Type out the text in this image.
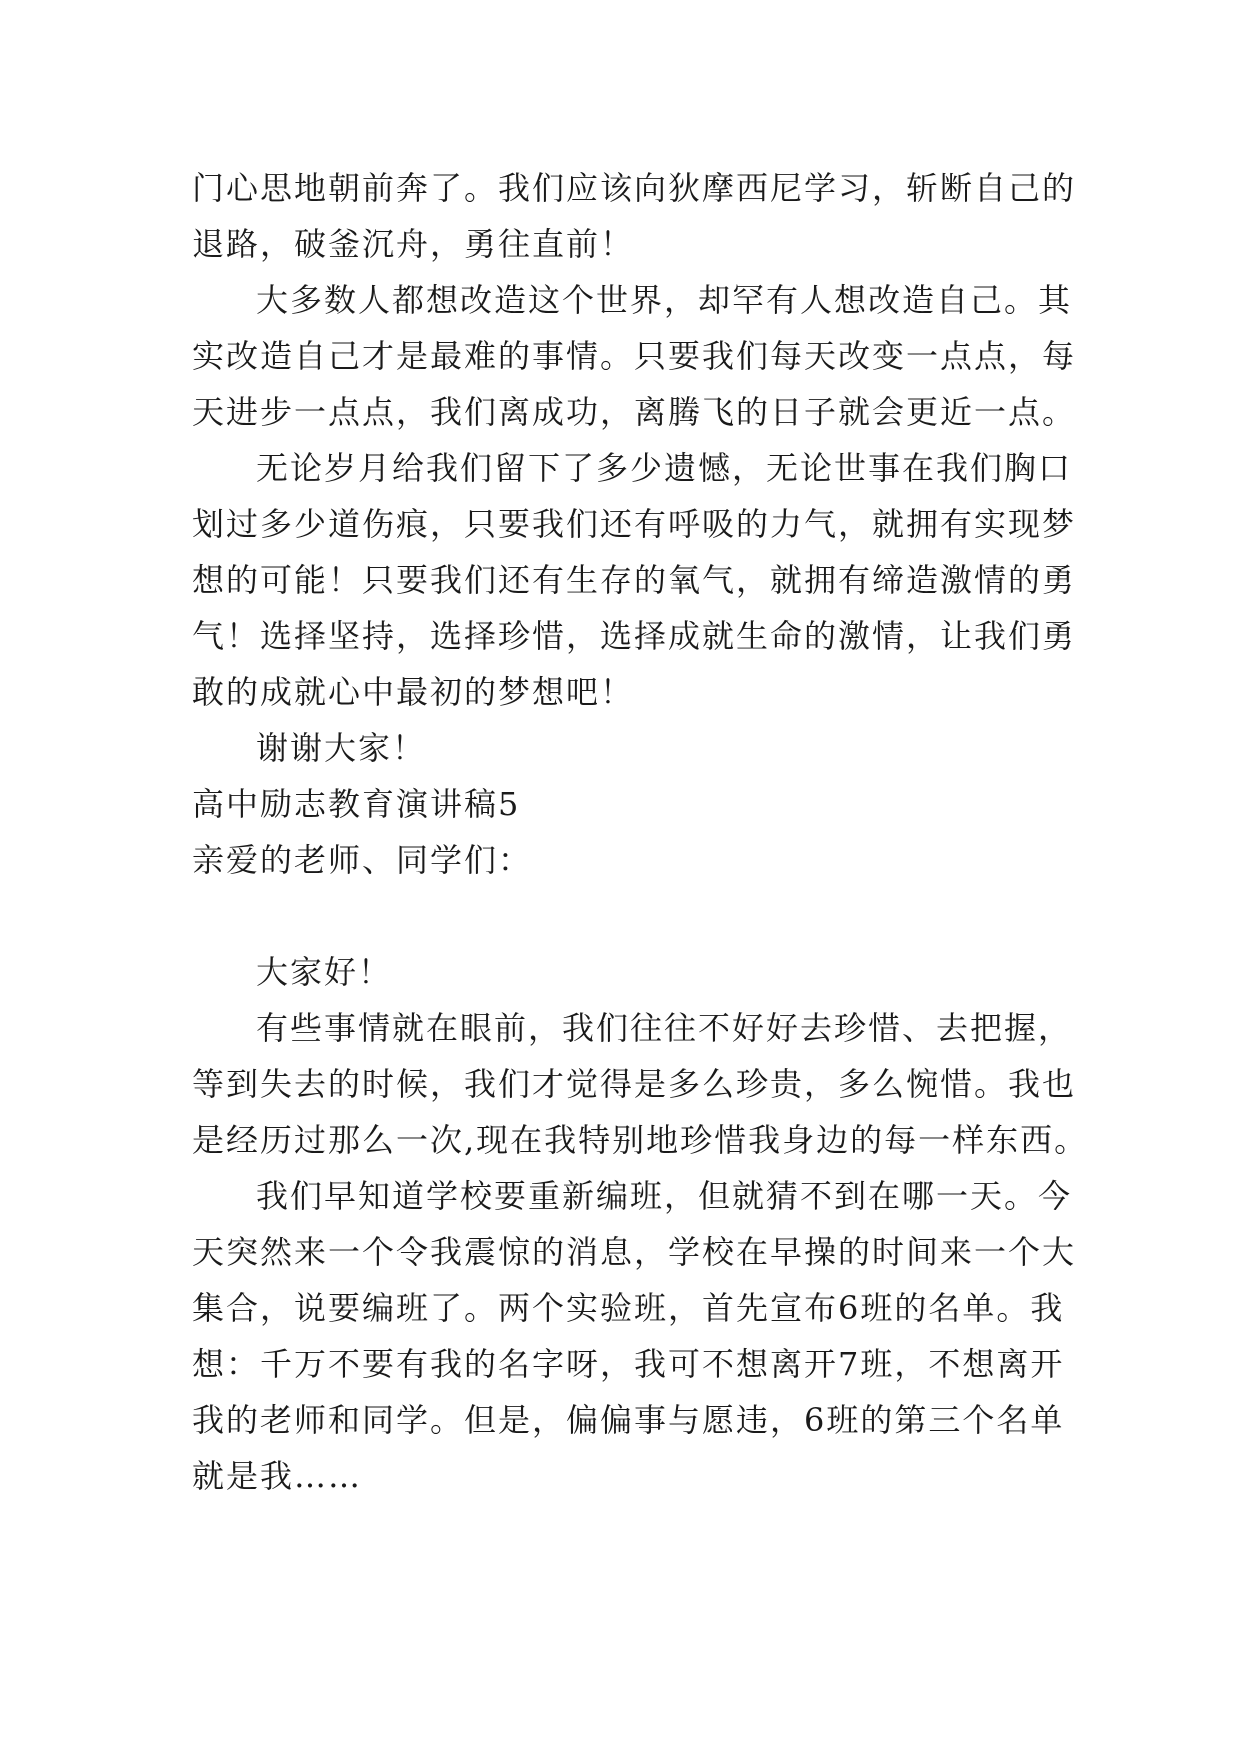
门心思地朝前奔了。我们应该向狄摩西尼学习，斩断自己的
退路，破釜沉舟，勇往直前！
大多数人都想改造这个世界，却罕有人想改造自己。其
实改造自己才是最难的事情。只要我们每天改变一点点，每
天进步一点点，我们离成功，离腾飞的日子就会更近一点。
无论岁月给我们留下了多少遗憾，无论世事在我们胸口
划过多少道伤痕，只要我们还有呼吸的力气，就拥有实现梦
想的可能！只要我们还有生存的氧气，就拥有缔造激情的勇
气！选择坚持，选择珍惜，选择成就生命的激情，让我们勇
敢的成就心中最初的梦想吧！
谢谢大家！
高中励志教育演讲稿5
亲爱的老师、同学们：
大家好！
有些事情就在眼前，我们往往不好好去珍惜、去把握，
等到失去的时候，我们才觉得是多么珍贵，多么惋惜。我也
是经历过那么一次,现在我特别地珍惜我身边的每一样东西。
我们早知道学校要重新编班，但就猜不到在哪一天。今
天突然来一个令我震惊的消息，学校在早操的时间来一个大
集合，说要编班了。两个实验班，首先宣布6班的名单。我
想：千万不要有我的名字呀，我可不想离开7班，不想离开
我的老师和同学。但是，偏偏事与愿违，6班的第三个名单
就是我……
